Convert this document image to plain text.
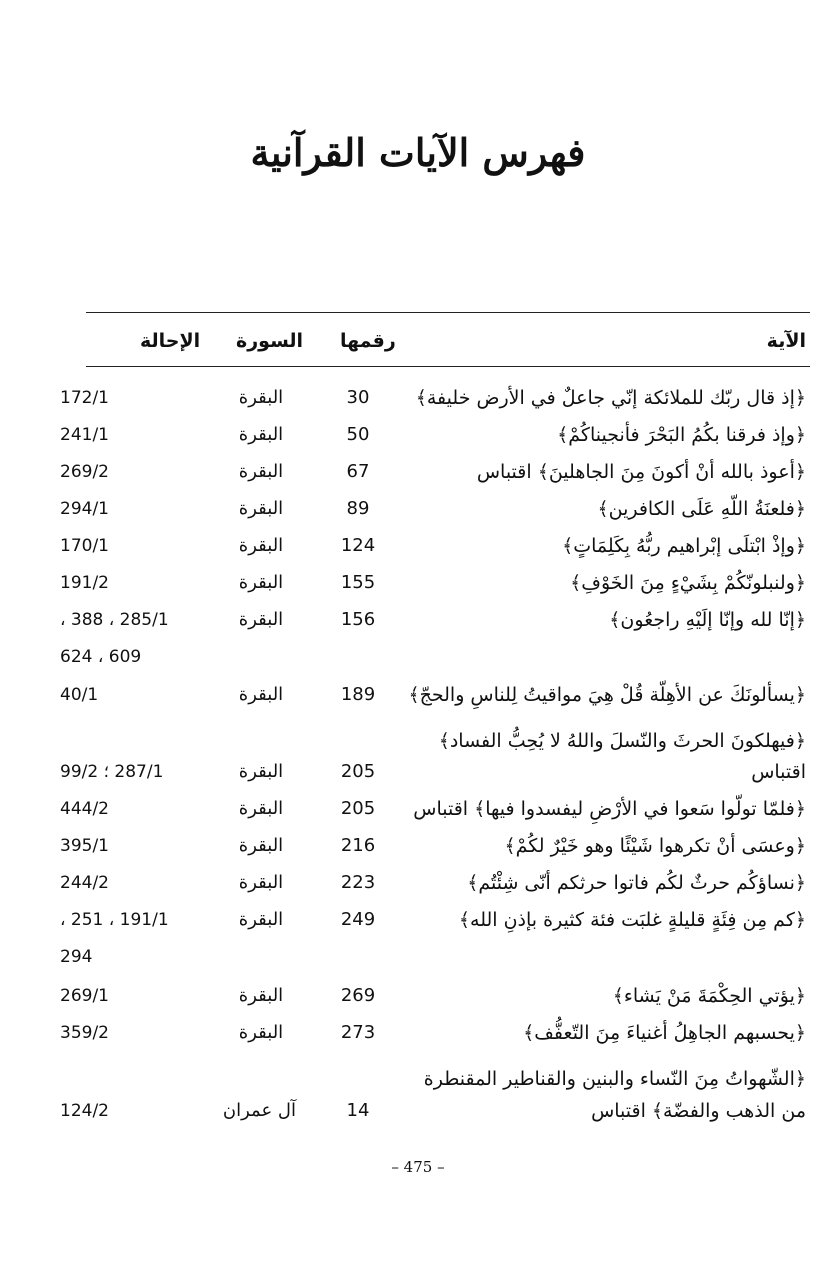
فهرس الآيات القرآنية
الآية
رقمها
السورة
الإحالة
﴿إذ قال ربّك للملائكة إنّي جاعلٌ في الأرض خليفة﴾
30
البقرة
172/1
﴿وإذ فرقنا بكُمُ البَحْرَ فأنجيناكُمْ﴾
50
البقرة
241/1
﴿أعوذ بالله أنْ أكونَ مِنَ الجاهلينَ﴾ اقتباس
67
البقرة
269/2
﴿فلعنَةُ اللّهِ عَلَى الكافرين﴾
89
البقرة
294/1
﴿وإذْ ابْتلَى إبْراهيم ربُّهُ بِكَلِمَاتٍ﴾
124
البقرة
170/1
﴿ولنبلونّكُمْ بِشَيْءٍ مِنَ الخَوْفِ﴾
155
البقرة
191/2
﴿إنّا لله وإنّا إلَيْهِ راجعُون﴾
156
البقرة
285/1 ، 388 ،
609 ، 624
﴿يسألونَكَ عن الأهِلّة قُلْ هِيَ مواقيتُ لِلناسِ والحجّ﴾
189
البقرة
40/1
﴿فيهلكونَ الحرثَ والنّسلَ واللهُ لا يُحِبُّ الفساد﴾
اقتباس
205
البقرة
287/1 ؛ 99/2
﴿فلمّا تولّوا سَعوا في الأرْضِ ليفسدوا فيها﴾ اقتباس
205
البقرة
444/2
﴿وعسَى أنْ تكرهوا شَيْئًا وهو خَيْرٌ لكُمْ﴾
216
البقرة
395/1
﴿نساؤكُم حرثٌ لكُم فاتوا حرثكم أنّى شِئْتُم﴾
223
البقرة
244/2
﴿كم مِن فِئَةٍ قليلةٍ غلبَت فئة كثيرة بإذنِ الله﴾
249
البقرة
191/1 ، 251 ،
294
﴿يؤتي الحِكْمَةَ مَنْ يَشاء﴾
269
البقرة
269/1
﴿يحسبهم الجاهِلُ أغنياءَ مِنَ التّعفُّف﴾
273
البقرة
359/2
﴿الشّهواتُ مِنَ النّساء والبنين والقناطير المقنطرة
من الذهب والفضّة﴾ اقتباس
14
آل عمران
124/2
– 475 –
